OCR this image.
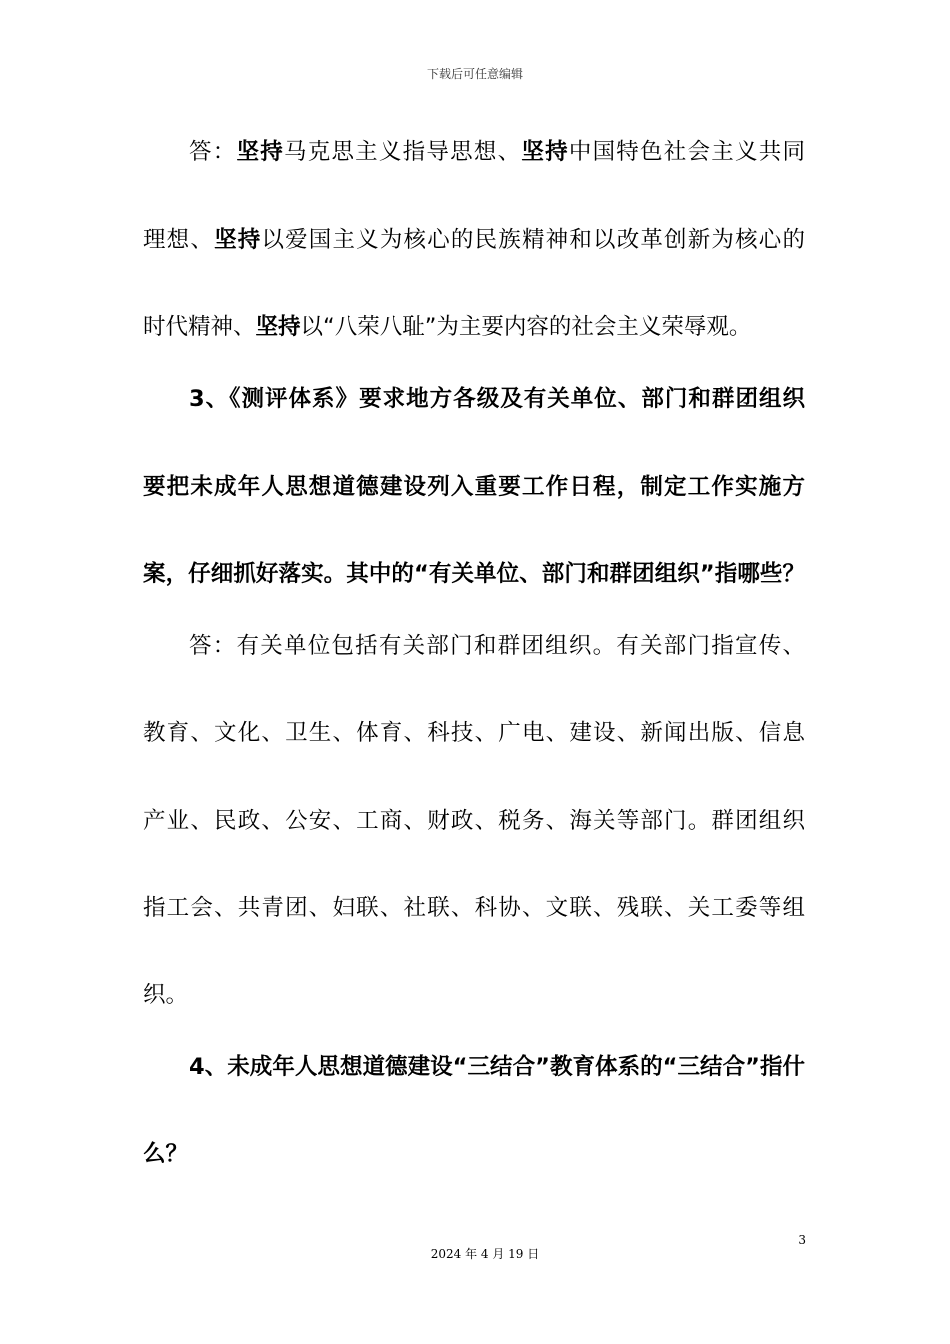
下载后可任意编辑
答：坚持马克思主义指导思想、坚持中国特色社会主义共同
理想、坚持以爱国主义为核心的民族精神和以改革创新为核心的
时代精神、坚持以“八荣八耻”为主要内容的社会主义荣辱观。
3、《测评体系》要求地方各级及有关单位、部门和群团组织
要把未成年人思想道德建设列入重要工作日程，制定工作实施方
案，仔细抓好落实。其中的“有关单位、部门和群团组织”指哪些？
答：有关单位包括有关部门和群团组织。有关部门指宣传、
教育、文化、卫生、体育、科技、广电、建设、新闻出版、信息
产业、民政、公安、工商、财政、税务、海关等部门。群团组织
指工会、共青团、妇联、社联、科协、文联、残联、关工委等组
织。
4、未成年人思想道德建设“三结合”教育体系的“三结合”指什
么？
3
2024 年 4 月 19 日
